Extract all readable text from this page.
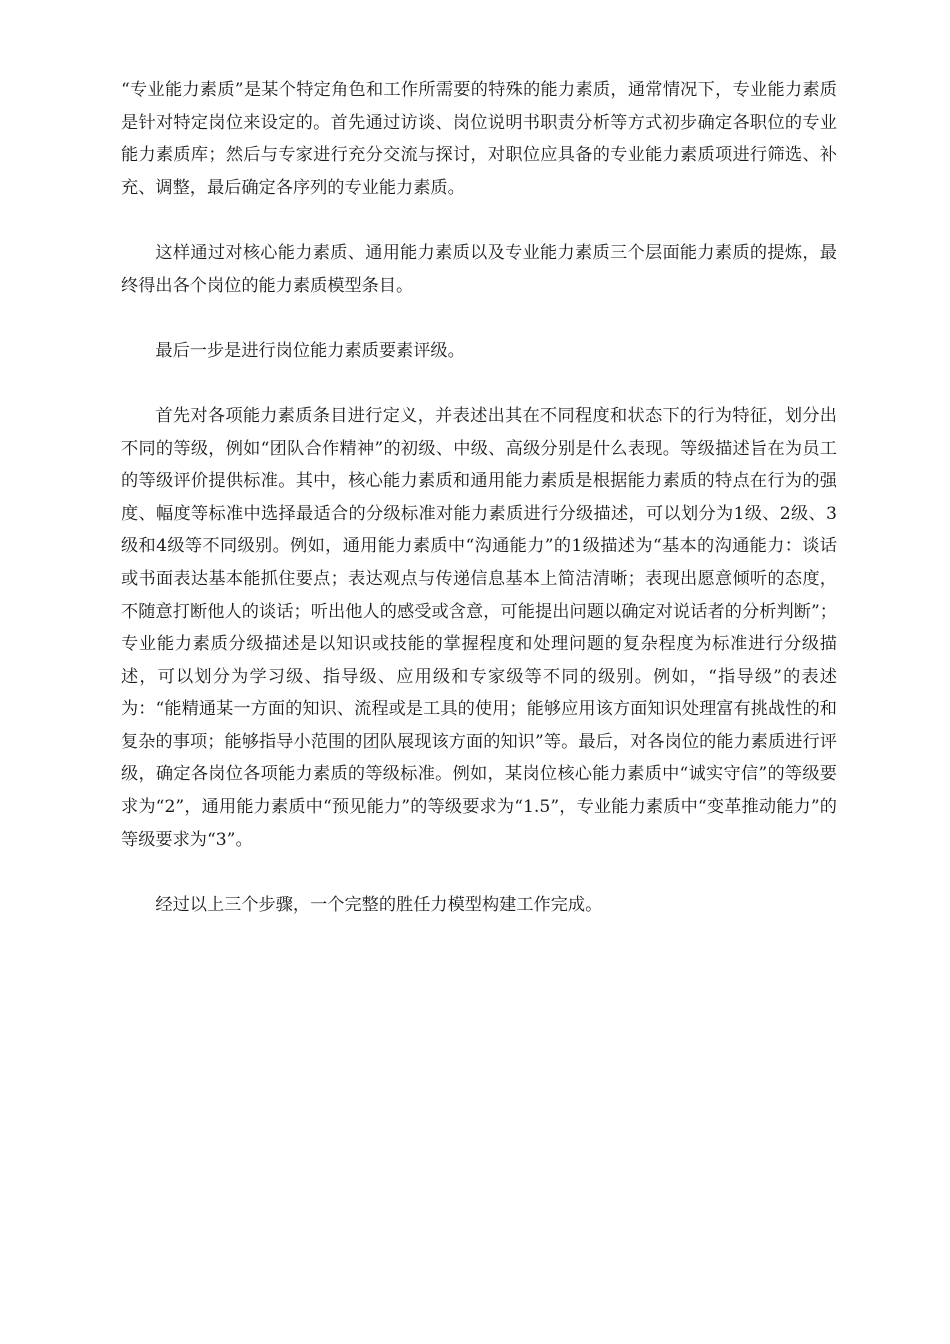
“专业能力素质”是某个特定角色和工作所需要的特殊的能力素质，通常情况下，专业能力素质是针对特定岗位来设定的。首先通过访谈、岗位说明书职责分析等方式初步确定各职位的专业能力素质库；然后与专家进行充分交流与探讨，对职位应具备的专业能力素质项进行筛选、补充、调整，最后确定各序列的专业能力素质。

这样通过对核心能力素质、通用能力素质以及专业能力素质三个层面能力素质的提炼，最终得出各个岗位的能力素质模型条目。

最后一步是进行岗位能力素质要素评级。

首先对各项能力素质条目进行定义，并表述出其在不同程度和状态下的行为特征，划分出不同的等级，例如“团队合作精神”的初级、中级、高级分别是什么表现。等级描述旨在为员工的等级评价提供标准。其中，核心能力素质和通用能力素质是根据能力素质的特点在行为的强度、幅度等标准中选择最适合的分级标准对能力素质进行分级描述，可以划分为1级、2级、3级和4级等不同级别。例如，通用能力素质中“沟通能力”的1级描述为“基本的沟通能力：谈话或书面表达基本能抓住要点；表达观点与传递信息基本上简洁清晰；表现出愿意倾听的态度，不随意打断他人的谈话；听出他人的感受或含意，可能提出问题以确定对说话者的分析判断”；专业能力素质分级描述是以知识或技能的掌握程度和处理问题的复杂程度为标准进行分级描述，可以划分为学习级、指导级、应用级和专家级等不同的级别。例如，“指导级”的表述为：“能精通某一方面的知识、流程或是工具的使用；能够应用该方面知识处理富有挑战性的和复杂的事项；能够指导小范围的团队展现该方面的知识”等。最后，对各岗位的能力素质进行评级，确定各岗位各项能力素质的等级标准。例如，某岗位核心能力素质中“诚实守信”的等级要求为“2”，通用能力素质中“预见能力”的等级要求为“1.5”，专业能力素质中“变革推动能力”的等级要求为“3”。

经过以上三个步骤，一个完整的胜任力模型构建工作完成。
